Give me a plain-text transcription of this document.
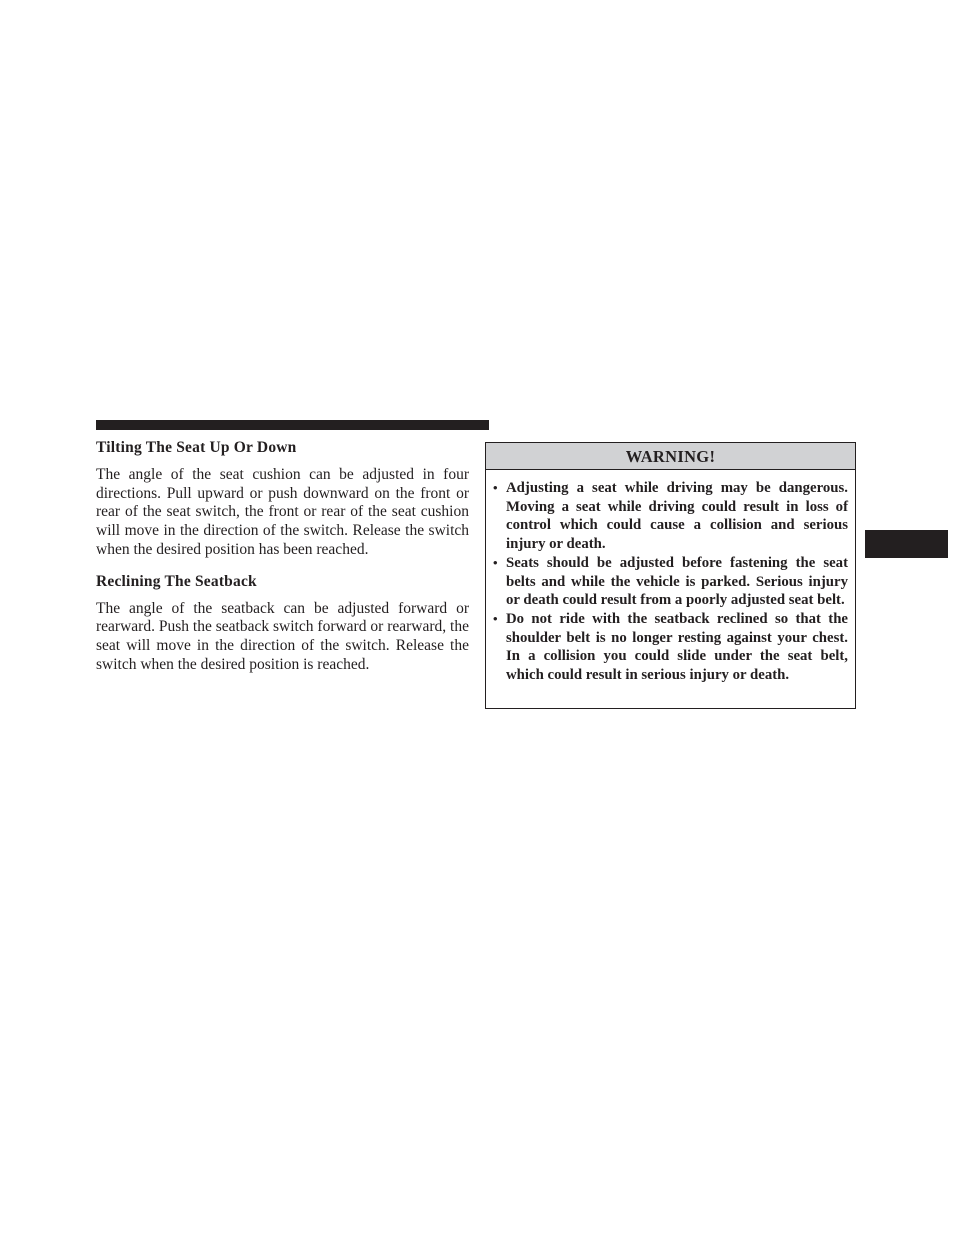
Tilting The Seat Up Or Down
The angle of the seat cushion can be adjusted in four directions. Pull upward or push downward on the front or rear of the seat switch, the front or rear of the seat cushion will move in the direction of the switch. Release the switch when the desired position has been reached.
Reclining The Seatback
The angle of the seatback can be adjusted forward or rearward. Push the seatback switch forward or rearward, the seat will move in the direction of the switch. Release the switch when the desired position is reached.
WARNING!
• Adjusting a seat while driving may be dangerous. Moving a seat while driving could result in loss of control which could cause a collision and serious injury or death.
• Seats should be adjusted before fastening the seat belts and while the vehicle is parked. Serious injury or death could result from a poorly adjusted seat belt.
• Do not ride with the seatback reclined so that the shoulder belt is no longer resting against your chest. In a collision you could slide under the seat belt, which could result in serious injury or death.
